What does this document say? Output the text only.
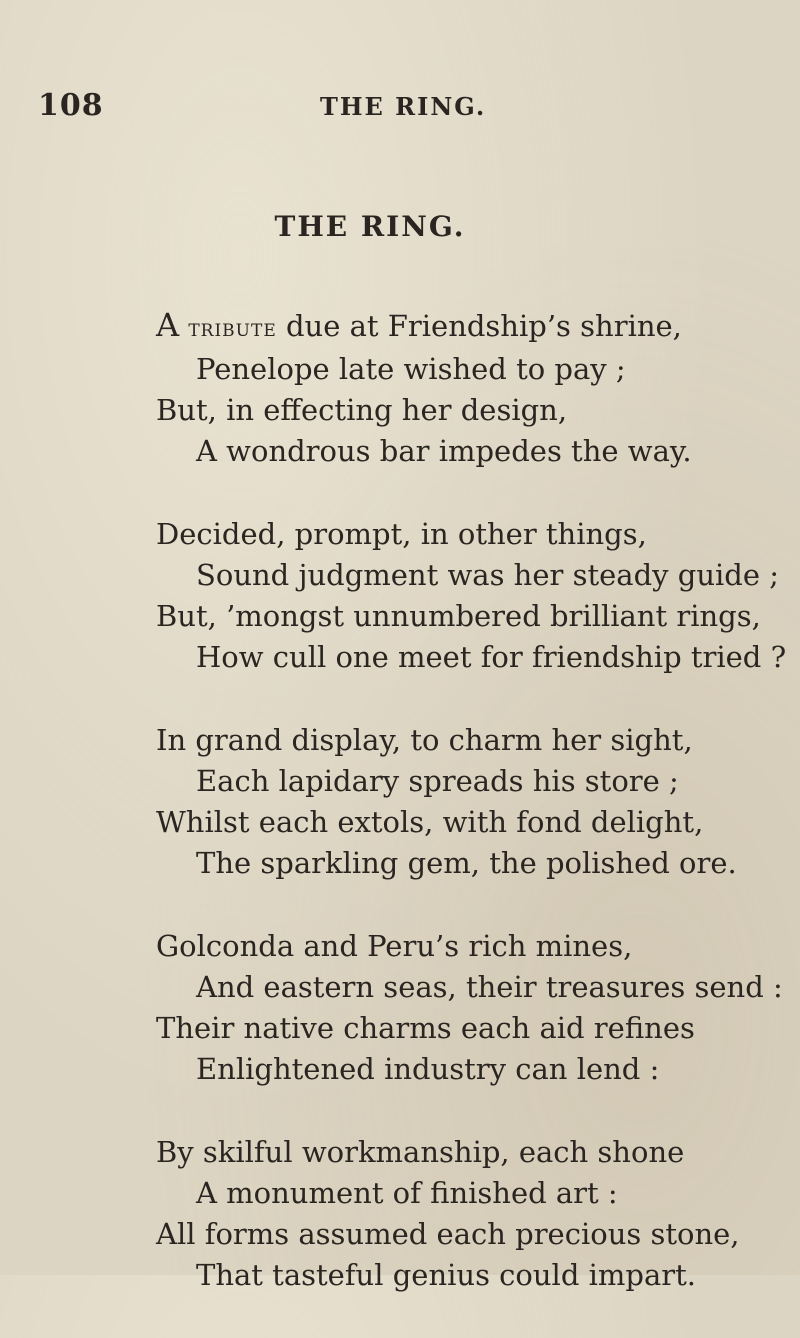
108	THE RING.
THE RING.
A tribute due at Friendship’s shrine,
Penelope late wished to pay ;
But, in effecting her design,
A wondrous bar impedes the way.
Decided, prompt, in other things,
Sound judgment was her steady guide ;
But, ’mongst unnumbered brilliant rings,
How cull one meet for friendship tried ?
In grand display, to charm her sight,
Each lapidary spreads his store ;
Whilst each extols, with fond delight,
The sparkling gem, the polished ore.
Golconda and Peru’s rich mines,
And eastern seas, their treasures send :
Their native charms each aid refines
Enlightened industry can lend :
By skilful workmanship, each shone
A monument of finished art :
All forms assumed each precious stone,
That tasteful genius could impart.
